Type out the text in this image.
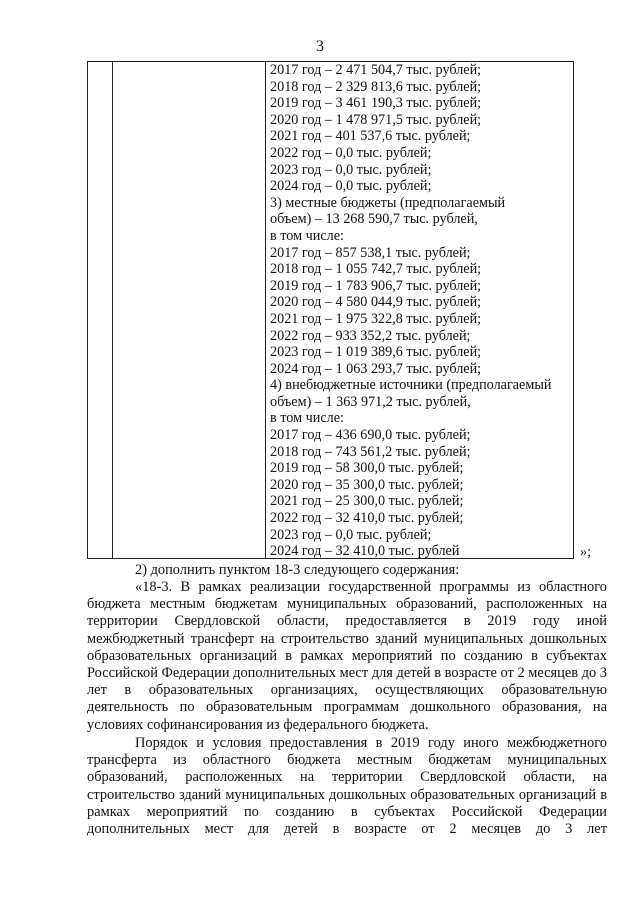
3
2017 год – 2 471 504,7 тыс. рублей;
2018 год – 2 329 813,6 тыс. рублей;
2019 год – 3 461 190,3 тыс. рублей;
2020 год – 1 478 971,5 тыс. рублей;
2021 год – 401 537,6 тыс. рублей;
2022 год – 0,0 тыс. рублей;
2023 год – 0,0 тыс. рублей;
2024 год – 0,0 тыс. рублей;
3) местные бюджеты (предполагаемый
объем) – 13 268 590,7 тыс. рублей,
в том числе:
2017 год – 857 538,1 тыс. рублей;
2018 год – 1 055 742,7 тыс. рублей;
2019 год – 1 783 906,7 тыс. рублей;
2020 год – 4 580 044,9 тыс. рублей;
2021 год – 1 975 322,8 тыс. рублей;
2022 год – 933 352,2 тыс. рублей;
2023 год – 1 019 389,6 тыс. рублей;
2024 год – 1 063 293,7 тыс. рублей;
4) внебюджетные источники (предполагаемый
объем) – 1 363 971,2 тыс. рублей,
в том числе:
2017 год – 436 690,0 тыс. рублей;
2018 год – 743 561,2 тыс. рублей;
2019 год – 58 300,0 тыс. рублей;
2020 год – 35 300,0 тыс. рублей;
2021 год – 25 300,0 тыс. рублей;
2022 год – 32 410,0 тыс. рублей;
2023 год – 0,0 тыс. рублей;
2024 год – 32 410,0 тыс. рублей	»;

2) дополнить пунктом 18-3 следующего содержания:

«18-3. В рамках реализации государственной программы из областного бюджета местным бюджетам муниципальных образований, расположенных на территории Свердловской области, предоставляется в 2019 году иной межбюджетный трансферт на строительство зданий муниципальных дошкольных образовательных организаций в рамках мероприятий по созданию в субъектах Российской Федерации дополнительных мест для детей в возрасте от 2 месяцев до 3 лет в образовательных организациях, осуществляющих образовательную деятельность по образовательным программам дошкольного образования, на условиях софинансирования из федерального бюджета.

Порядок и условия предоставления в 2019 году иного межбюджетного трансферта из областного бюджета местным бюджетам муниципальных образований, расположенных на территории Свердловской области, на строительство зданий муниципальных дошкольных образовательных организаций в рамках мероприятий по созданию в субъектах Российской Федерации дополнительных мест для детей в возрасте от 2 месяцев до 3 лет
